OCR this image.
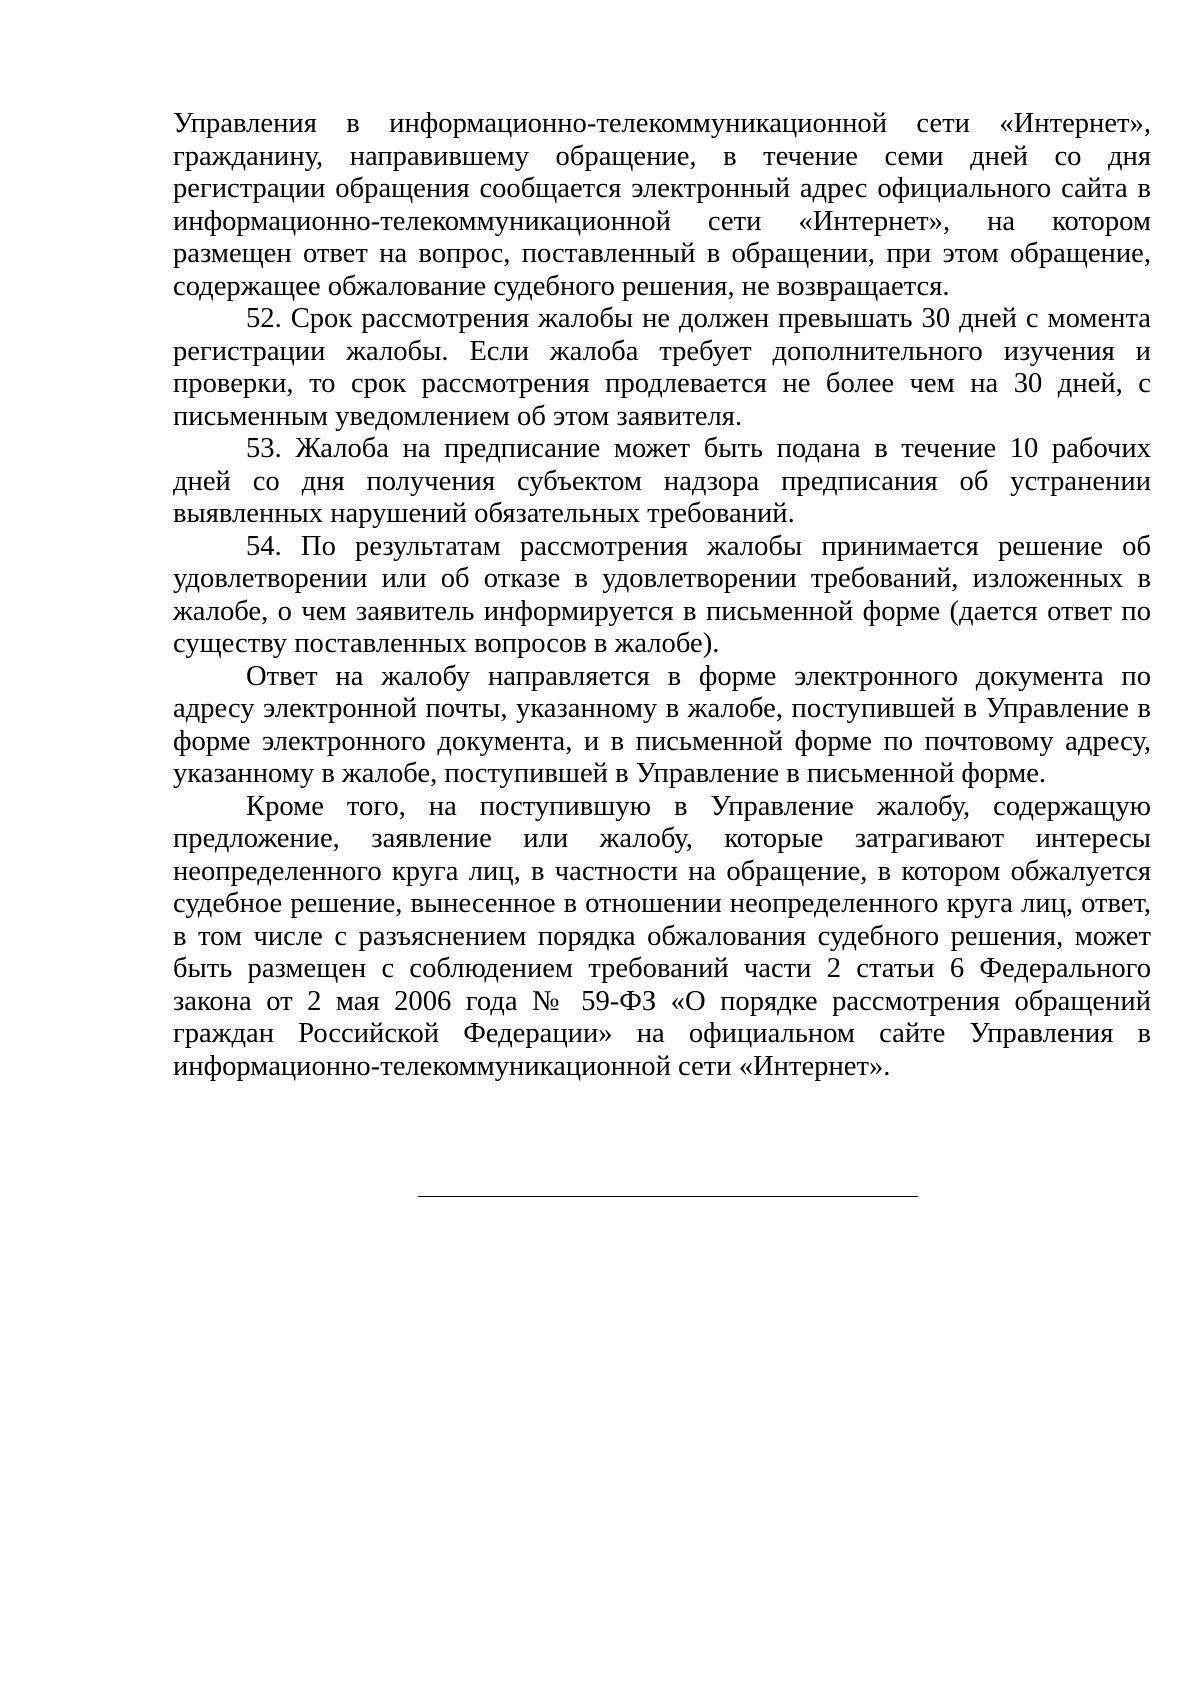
Управления в информационно-телекоммуникационной сети «Интернет», гражданину, направившему обращение, в течение семи дней со дня регистрации обращения сообщается электронный адрес официального сайта в информационно-телекоммуникационной сети «Интернет», на котором размещен ответ на вопрос, поставленный в обращении, при этом обращение, содержащее обжалование судебного решения, не возвращается.

52. Срок рассмотрения жалобы не должен превышать 30 дней с момента регистрации жалобы. Если жалоба требует дополнительного изучения и проверки, то срок рассмотрения продлевается не более чем на 30 дней, с письменным уведомлением об этом заявителя.

53. Жалоба на предписание может быть подана в течение 10 рабочих дней со дня получения субъектом надзора предписания об устранении выявленных нарушений обязательных требований.

54. По результатам рассмотрения жалобы принимается решение об удовлетворении или об отказе в удовлетворении требований, изложенных в жалобе, о чем заявитель информируется в письменной форме (дается ответ по существу поставленных вопросов в жалобе).

Ответ на жалобу направляется в форме электронного документа по адресу электронной почты, указанному в жалобе, поступившей в Управление в форме электронного документа, и в письменной форме по почтовому адресу, указанному в жалобе, поступившей в Управление в письменной форме.

Кроме того, на поступившую в Управление жалобу, содержащую предложение, заявление или жалобу, которые затрагивают интересы неопределенного круга лиц, в частности на обращение, в котором обжалуется судебное решение, вынесенное в отношении неопределенного круга лиц, ответ, в том числе с разъяснением порядка обжалования судебного решения, может быть размещен с соблюдением требований части 2 статьи 6 Федерального закона от 2 мая 2006 года № 59-ФЗ «О порядке рассмотрения обращений граждан Российской Федерации» на официальном сайте Управления в информационно-телекоммуникационной сети «Интернет».
